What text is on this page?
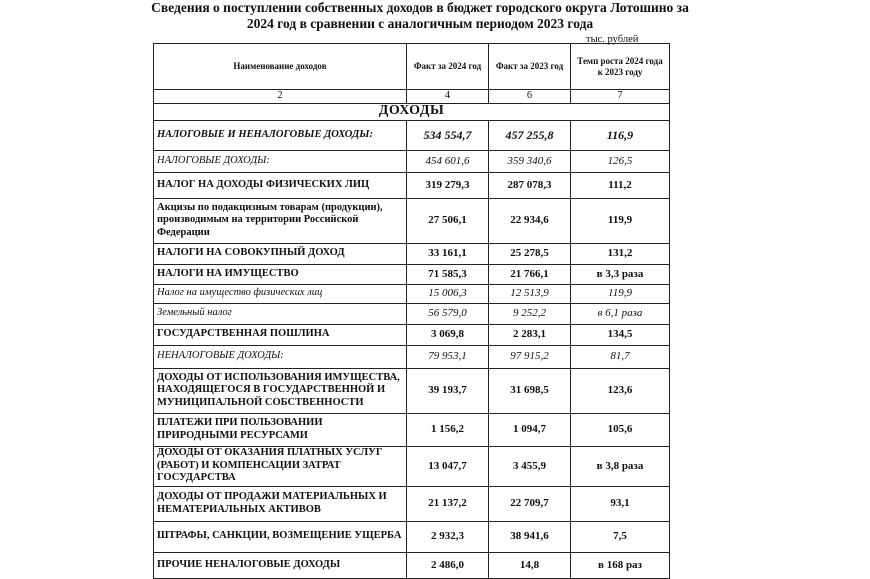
Сведения о поступлении собственных доходов в бюджет городского округа Лотошино за 2024 год в сравнении с аналогичным периодом 2023 года
тыс. рублей
Наименование доходов	Факт за 2024 год	Факт за 2023 год	Темп роста 2024 года к 2023 году
2	4	6	7
ДОХОДЫ			
НАЛОГОВЫЕ И НЕНАЛОГОВЫЕ ДОХОДЫ:	534 554,7	457 255,8	116,9
НАЛОГОВЫЕ ДОХОДЫ:	454 601,6	359 340,6	126,5
НАЛОГ НА ДОХОДЫ ФИЗИЧЕСКИХ ЛИЦ	319 279,3	287 078,3	111,2
Акцизы по подакцизным товарам (продукции), производимым на территории Российской Федерации	27 506,1	22 934,6	119,9
НАЛОГИ НА СОВОКУПНЫЙ ДОХОД	33 161,1	25 278,5	131,2
НАЛОГИ НА ИМУЩЕСТВО	71 585,3	21 766,1	в 3,3 раза
Налог на имущество физических лиц	15 006,3	12 513,9	119,9
Земельный налог	56 579,0	9 252,2	в 6,1 раза
ГОСУДАРСТВЕННАЯ ПОШЛИНА	3 069,8	2 283,1	134,5
НЕНАЛОГОВЫЕ ДОХОДЫ:	79 953,1	97 915,2	81,7
ДОХОДЫ ОТ ИСПОЛЬЗОВАНИЯ ИМУЩЕСТВА, НАХОДЯЩЕГОСЯ В ГОСУДАРСТВЕННОЙ И МУНИЦИПАЛЬНОЙ СОБСТВЕННОСТИ	39 193,7	31 698,5	123,6
ПЛАТЕЖИ ПРИ ПОЛЬЗОВАНИИ ПРИРОДНЫМИ РЕСУРСАМИ	1 156,2	1 094,7	105,6
ДОХОДЫ ОТ ОКАЗАНИЯ ПЛАТНЫХ УСЛУГ (РАБОТ) И КОМПЕНСАЦИИ ЗАТРАТ ГОСУДАРСТВА	13 047,7	3 455,9	в 3,8 раза
ДОХОДЫ ОТ ПРОДАЖИ МАТЕРИАЛЬНЫХ И НЕМАТЕРИАЛЬНЫХ АКТИВОВ	21 137,2	22 709,7	93,1
ШТРАФЫ, САНКЦИИ, ВОЗМЕЩЕНИЕ УЩЕРБА	2 932,3	38 941,6	7,5
ПРОЧИЕ НЕНАЛОГОВЫЕ ДОХОДЫ	2 486,0	14,8	в 168 раз
